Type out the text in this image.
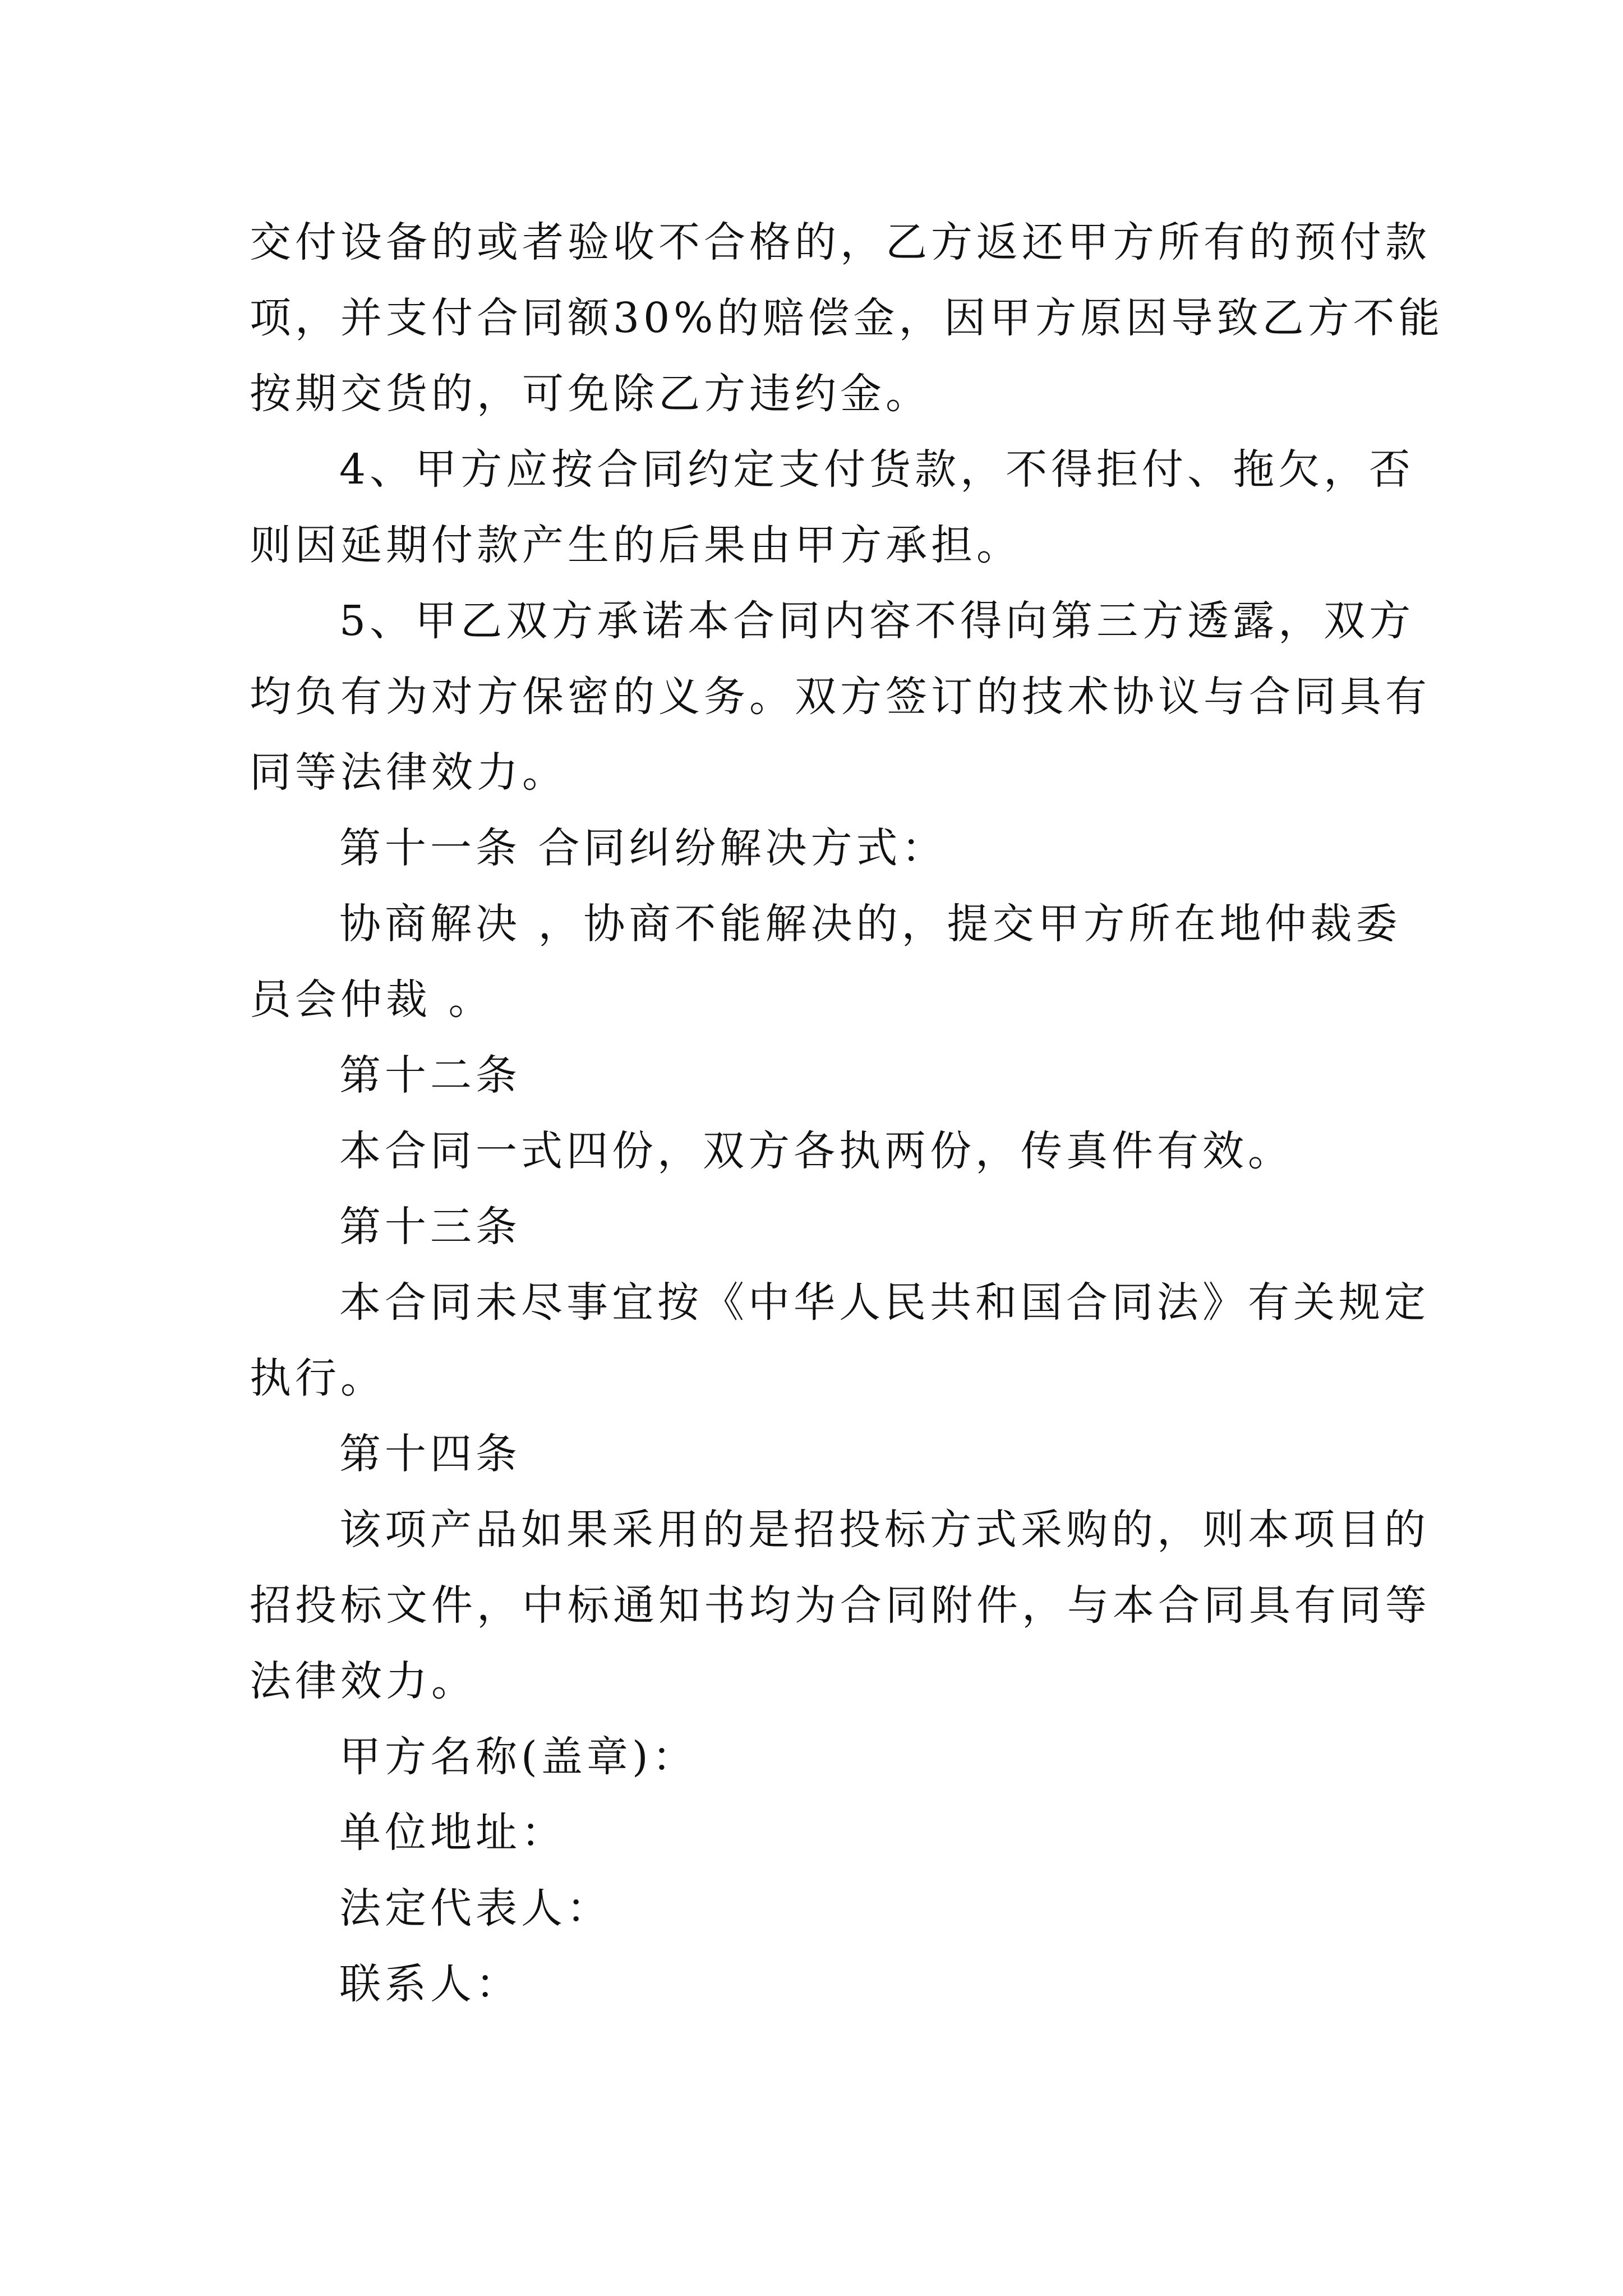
交付设备的或者验收不合格的，乙方返还甲方所有的预付款
项，并支付合同额30%的赔偿金，因甲方原因导致乙方不能
按期交货的，可免除乙方违约金。
4、甲方应按合同约定支付货款，不得拒付、拖欠，否
则因延期付款产生的后果由甲方承担。
5、甲乙双方承诺本合同内容不得向第三方透露，双方
均负有为对方保密的义务。双方签订的技术协议与合同具有
同等法律效力。
第十一条 合同纠纷解决方式：
协商解决 ，协商不能解决的，提交甲方所在地仲裁委
员会仲裁 。
第十二条
本合同一式四份，双方各执两份，传真件有效。
第十三条
本合同未尽事宜按《中华人民共和国合同法》有关规定
执行。
第十四条
该项产品如果采用的是招投标方式采购的，则本项目的
招投标文件，中标通知书均为合同附件，与本合同具有同等
法律效力。
甲方名称(盖章)：
单位地址：
法定代表人：
联系人：
